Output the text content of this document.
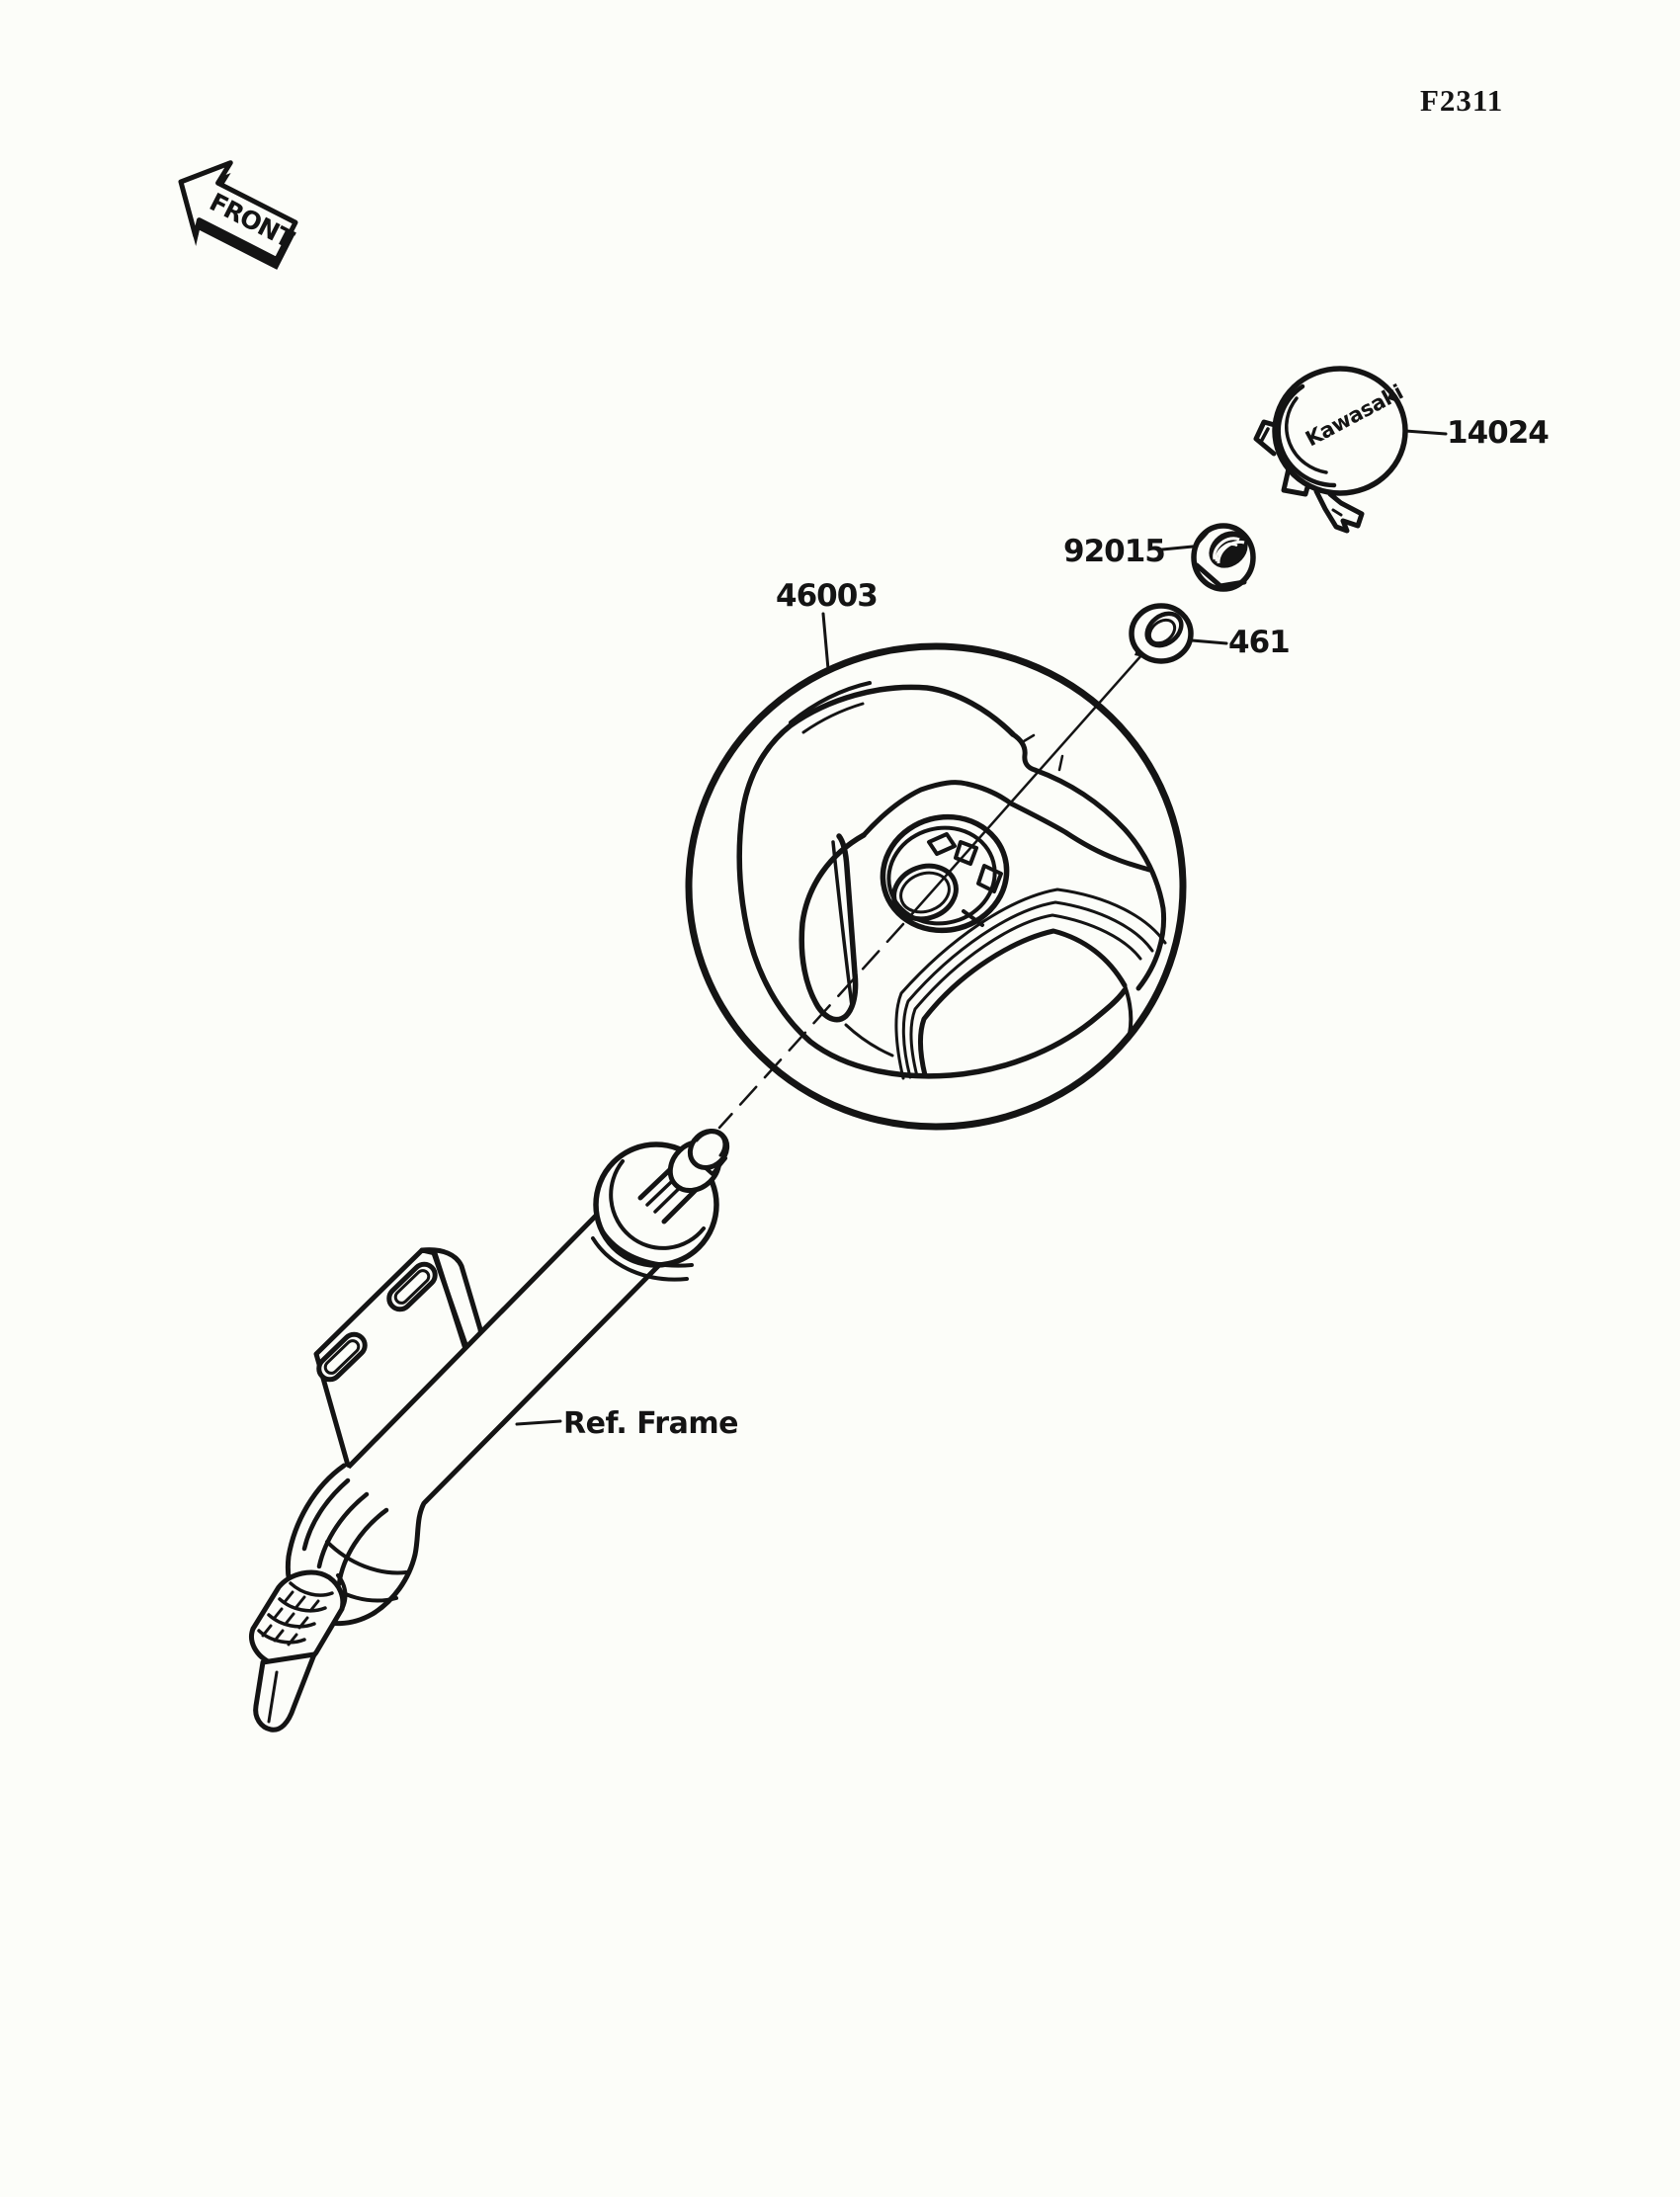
F2311
FRONT
46003
Kawasaki 14024
92015
461
Ref. Frame
